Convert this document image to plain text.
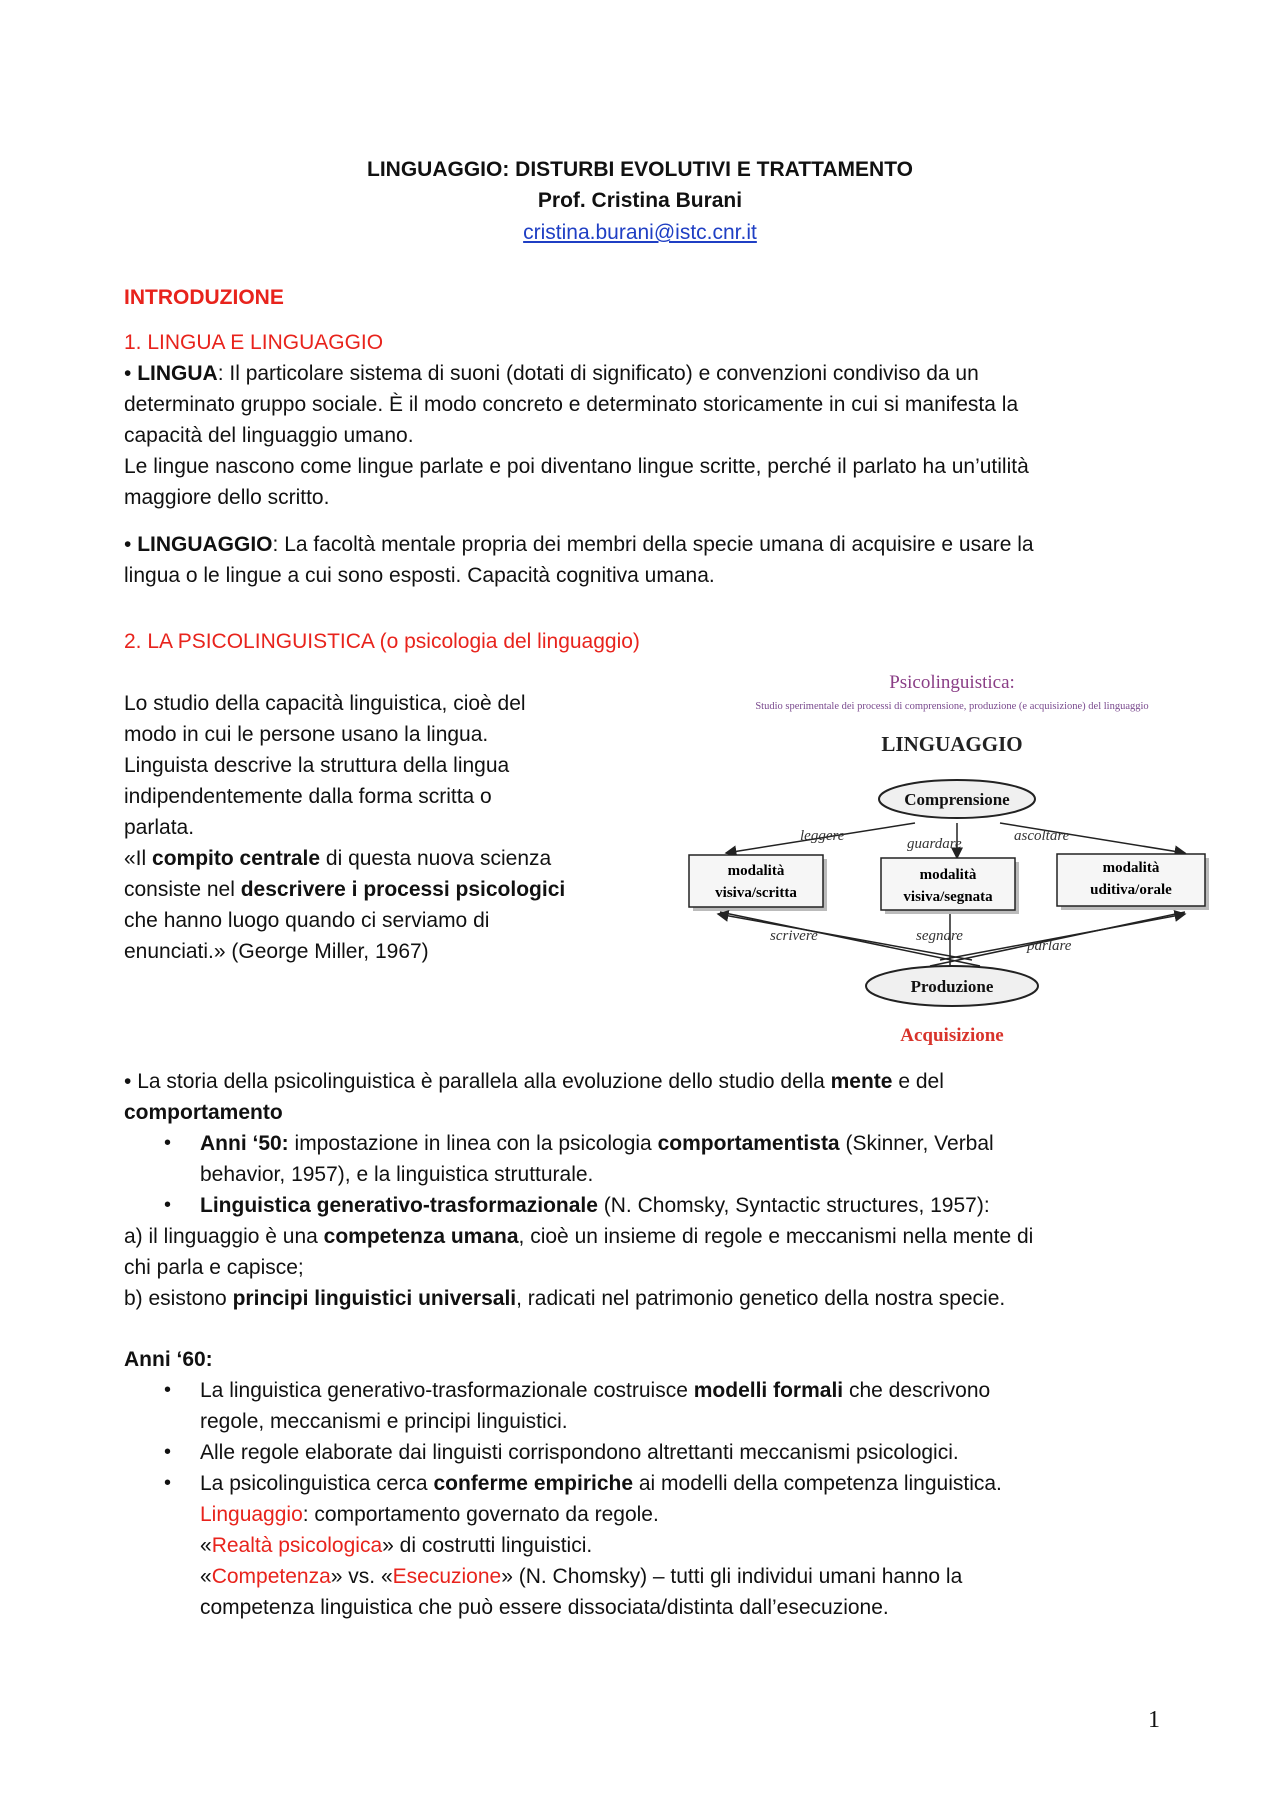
LINGUAGGIO: DISTURBI EVOLUTIVI E TRATTAMENTO
Prof. Cristina Burani
cristina.burani@istc.cnr.it
INTRODUZIONE
1. LINGUA E LINGUAGGIO

• LINGUA: Il particolare sistema di suoni (dotati di significato) e convenzioni condiviso da un

determinato gruppo sociale. È il modo concreto e determinato storicamente in cui si manifesta la

capacità del linguaggio umano.

Le lingue nascono come lingue parlate e poi diventano lingue scritte, perché il parlato ha un’utilità

maggiore dello scritto.

• LINGUAGGIO: La facoltà mentale propria dei membri della specie umana di acquisire e usare la

lingua o le lingue a cui sono esposti. Capacità cognitiva umana.

2. LA PSICOLINGUISTICA (o psicologia del linguaggio)

Lo studio della capacità linguistica, cioè del

modo in cui le persone usano la lingua.

Linguista descrive la struttura della lingua

indipendentemente dalla forma scritta o

parlata.

«Il compito centrale di questa nuova scienza

consiste nel descrivere i processi psicologici

che hanno luogo quando ci serviamo di

enunciati.» (George Miller, 1967)

Psicolinguistica:
Studio sperimentale dei processi di comprensione, produzione (e acquisizione) del linguaggio
LINGUAGGIO
Comprensione
leggere	guardare	ascoltare
modalità
visiva/scritta
modalità
visiva/segnata
modalità
uditiva/orale
scrivere	segnare
parlare
Produzione
Acquisizione

• La storia della psicolinguistica è parallela alla evoluzione dello studio della mente e del

comportamento

• Anni ‘50: impostazione in linea con la psicologia comportamentista (Skinner, Verbal
behavior, 1957), e la linguistica strutturale.
• Linguistica generativo-trasformazionale (N. Chomsky, Syntactic structures, 1957):

a) il linguaggio è una competenza umana, cioè un insieme di regole e meccanismi nella mente di

chi parla e capisce;

b) esistono principi linguistici universali, radicati nel patrimonio genetico della nostra specie.

Anni ‘60:
• La linguistica generativo-trasformazionale costruisce modelli formali che descrivono
regole, meccanismi e principi linguistici.
• Alle regole elaborate dai linguisti corrispondono altrettanti meccanismi psicologici.
• La psicolinguistica cerca conferme empiriche ai modelli della competenza linguistica.
Linguaggio: comportamento governato da regole.
«Realtà psicologica» di costrutti linguistici.
«Competenza» vs. «Esecuzione» (N. Chomsky) – tutti gli individui umani hanno la
competenza linguistica che può essere dissociata/distinta dall’esecuzione.
1
